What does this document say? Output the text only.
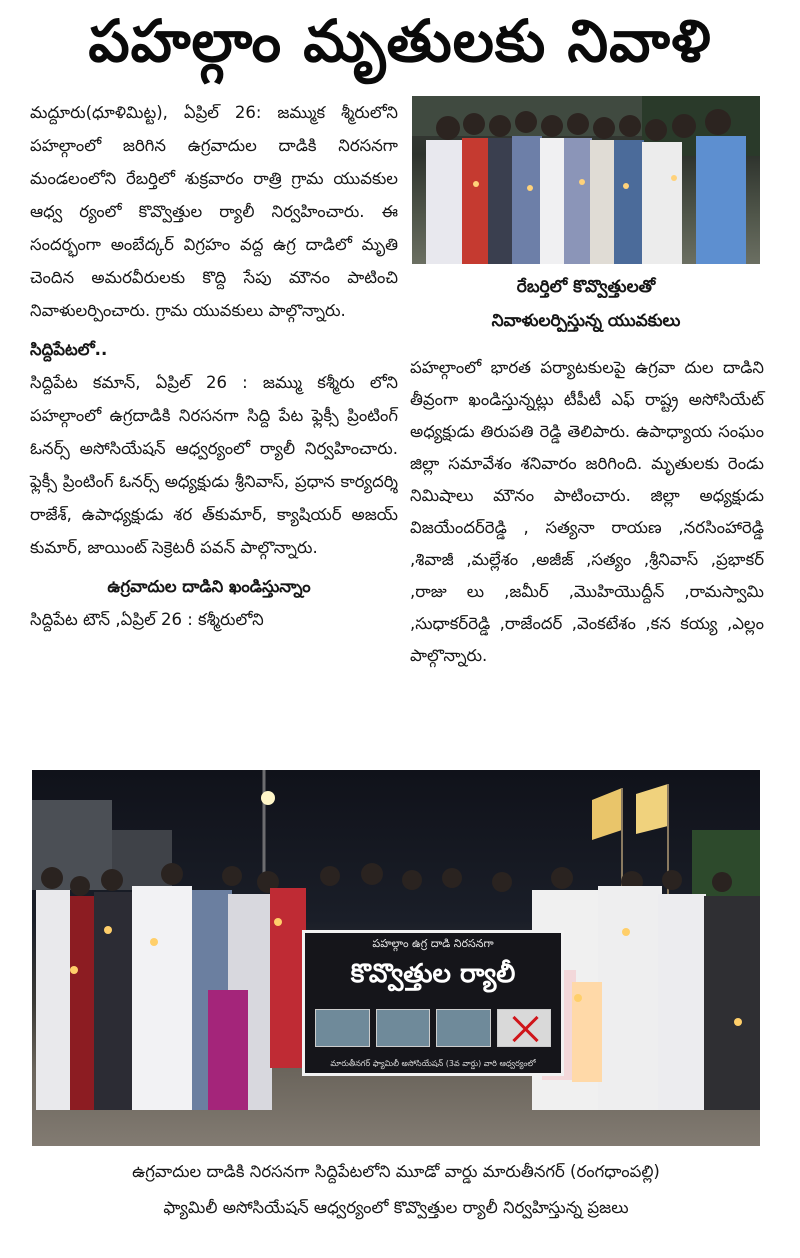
పహల్గాం మృతులకు నివాళి

మద్దూరు(ధూళిమిట్ట), ఏప్రిల్ 26: జమ్ముక శ్మీరులోని పహల్గాంలో జరిగిన ఉగ్రవాదుల దాడికి నిరసనగా మండలంలోని రేబర్తిలో శుక్రవారం రాత్రి గ్రామ యువకుల ఆధ్వ ర్యంలో కొవ్వొత్తుల ర్యాలీ నిర్వహించారు. ఈ సందర్భంగా అంబేద్కర్ విగ్రహం వద్ద ఉగ్ర దాడిలో మృతి చెందిన అమరవీరులకు కొద్ది సేపు మౌనం పాటించి నివాళులర్పించారు. గ్రామ యువకులు పాల్గొన్నారు.

సిద్దిపేటలో..

సిద్దిపేట కమాన్, ఏప్రిల్ 26 : జమ్ము కశ్మీరు లోని పహల్గాంలో ఉగ్రదాడికి నిరసనగా సిద్ది పేట ఫ్లెక్సీ ప్రింటింగ్ ఓనర్స్ అసోసియేషన్ ఆధ్వర్యంలో ర్యాలీ నిర్వహించారు. ఫ్లెక్సీ ప్రింటింగ్ ఓనర్స్ అధ్యక్షుడు శ్రీనివాస్, ప్రధాన కార్యదర్శి రాజేశ్, ఉపాధ్యక్షుడు శర త్‌కుమార్, క్యాషియర్ అజయ్ కుమార్, జాయింట్ సెక్రెటరీ పవన్ పాల్గొన్నారు.

ఉగ్రవాదుల దాడిని ఖండిస్తున్నాం

సిద్దిపేట టౌన్ ,ఏప్రిల్ 26 : కశ్మీరులోని

రేబర్తిలో కొవ్వొత్తులతో
నివాళులర్పిస్తున్న యువకులు

పహల్గాంలో భారత పర్యాటకులపై ఉగ్రవా దుల దాడిని తీవ్రంగా ఖండిస్తున్నట్లు టీపీటీ ఎఫ్ రాష్ట్ర అసోసియేట్ అధ్యక్షుడు తిరుపతి రెడ్డి తెలిపారు. ఉపాధ్యాయ సంఘం జిల్లా సమావేశం శనివారం జరిగింది. మృతులకు రెండు నిమిషాలు మౌనం పాటించారు. జిల్లా అధ్యక్షుడు విజయేందర్‌రెడ్డి , సత్యనా రాయణ ,నరసింహారెడ్డి ,శివాజీ ,మల్లేశం ,అజీజ్ ,సత్యం ,శ్రీనివాస్ ,ప్రభాకర్ ,రాజు లు ,జమీర్ ,మొహియొద్దీన్ ,రామస్వామి ,సుధాకర్‌రెడ్డి ,రాజేందర్ ,వెంకటేశం ,కన కయ్య ,ఎల్లం పాల్గొన్నారు.

పహల్గాం ఉగ్ర దాడి నిరసనగా
కొవ్వొత్తుల ర్యాలీ
మారుతీనగర్ ఫ్యామిలీ అసోసియేషన్ (3వ వార్డు) వారి ఆధ్వర్యంలో
ఉగ్రవాదుల దాడికి నిరసనగా సిద్దిపేటలోని మూడో వార్డు మారుతీనగర్ (రంగధాంపల్లి)
ఫ్యామిలీ అసోసియేషన్ ఆధ్వర్యంలో కొవ్వొత్తుల ర్యాలీ నిర్వహిస్తున్న ప్రజలు
